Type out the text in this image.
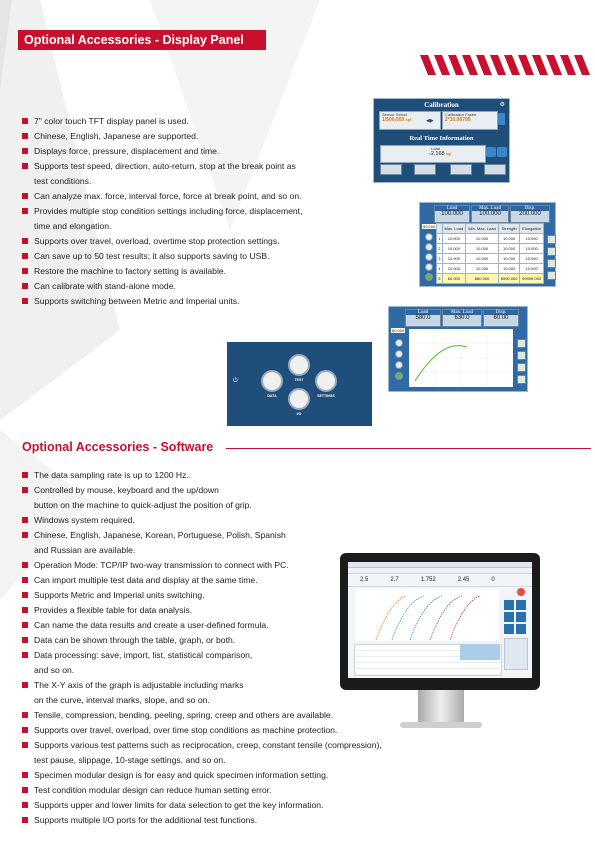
Optional Accessories - Display Panel
7" color touch TFT display panel is used.
Chinese, English, Japanese are supported.
Displays force, pressure, displacement and time.
Supports test speed, direction, auto-return, stop at the break point as
test conditions.
Can analyze max. force, interval force, force at break point, and so on.
Provides multiple stop condition settings including force, displacement,
time and elongation.
Supports over travel, overload, overtime stop protection settings.
Can save up to 50 test results; it also supports saving to USB.
Restore the machine to factory setting is available.
Can calibrate with stand-alone mode.
Supports switching between Metric and Imperial units.
Calibration	⚙
Sensor Select
1/500.000 kgf
Calibration Factor
2*10.96795
◀▶
Real Time Information
Load
-2.168 kgf
Load
100.000
Max. Load
100.000
Disp.
200.000
50.000
	Max. Load	Min. Max. Load	Strength	Elongation
1	10.000	10.000	10.000	10.000
2	10.000	10.000	10.000	10.000
3	10.000	10.000	10.000	10.000
4	10.000	10.000	10.000	10.000
5	60.000	880.000	8990.000	99999.000
Load
580.0
Max. Load
630.0
Disp.
60.00
60.000
TEST
DATA	SETTINGS
I/O
⏻
Optional Accessories - Software
The data sampling rate is up to 1200 Hz..
Controlled by mouse, keyboard and the up/down
button on the machine to quick-adjust the position of grip.
Windows system required.
Chinese, English, Japanese, Korean, Portuguese, Polish, Spanish
and Russian are available.
Operation Mode: TCP/IP two-way transmission to connect with PC.
Can import multiple test data and display at the same time.
Supports Metric and Imperial units switching.
Provides a flexible table for data analysis.
Can name the data results and create a user-defined formula.
Data can be shown through the table, graph, or both.
Data processing: save, import, list, statistical comparison,
and so on.
The X-Y axis of the graph is adjustable including marks
on the curve, interval marks, slope, and so on.
Tensile, compression, bending, peeling, spring, creep and others are available.
Supports over travel, overload, over time stop conditions as machine protection.
Supports various test patterns such as reciprocation, creep, constant tensile (compression),
test pause, slippage, 10-stage settings, and so on.
Specimen modular design is for easy and quick specimen information setting.
Test condition modular design can reduce human setting error.
Supports upper and lower limits for data selection to get the key information.
Supports multiple I/O ports for the additional test functions.
2.5	2.7	1.752	2.45	0
